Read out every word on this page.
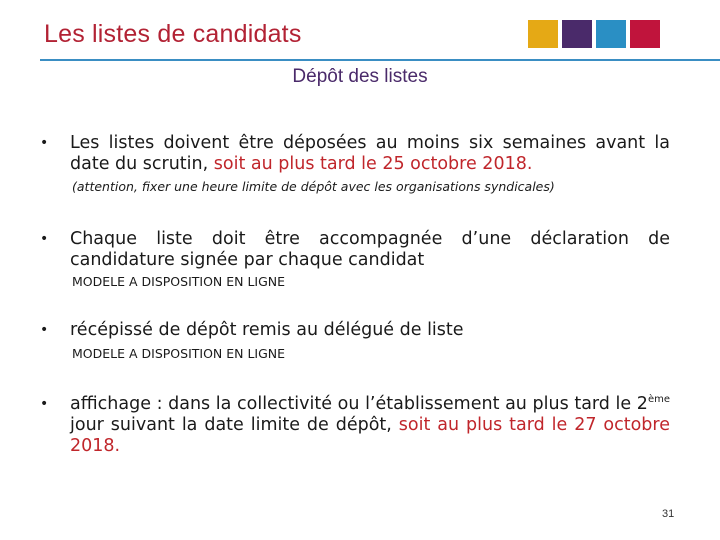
Les listes de candidats
Dépôt des listes
•	Les listes doivent être déposées au moins six semaines avant la date du scrutin, soit au plus tard le 25 octobre 2018.
(attention, fixer une heure limite de dépôt avec les organisations syndicales)
•	Chaque liste doit être accompagnée d’une déclaration de candidature signée par chaque candidat
MODELE A DISPOSITION EN LIGNE
•	récépissé de dépôt remis au délégué de liste
MODELE A DISPOSITION EN LIGNE
•	affichage : dans la collectivité ou l’établissement au plus tard le 2ème jour suivant la date limite de dépôt, soit au plus tard le 27 octobre 2018.
31
